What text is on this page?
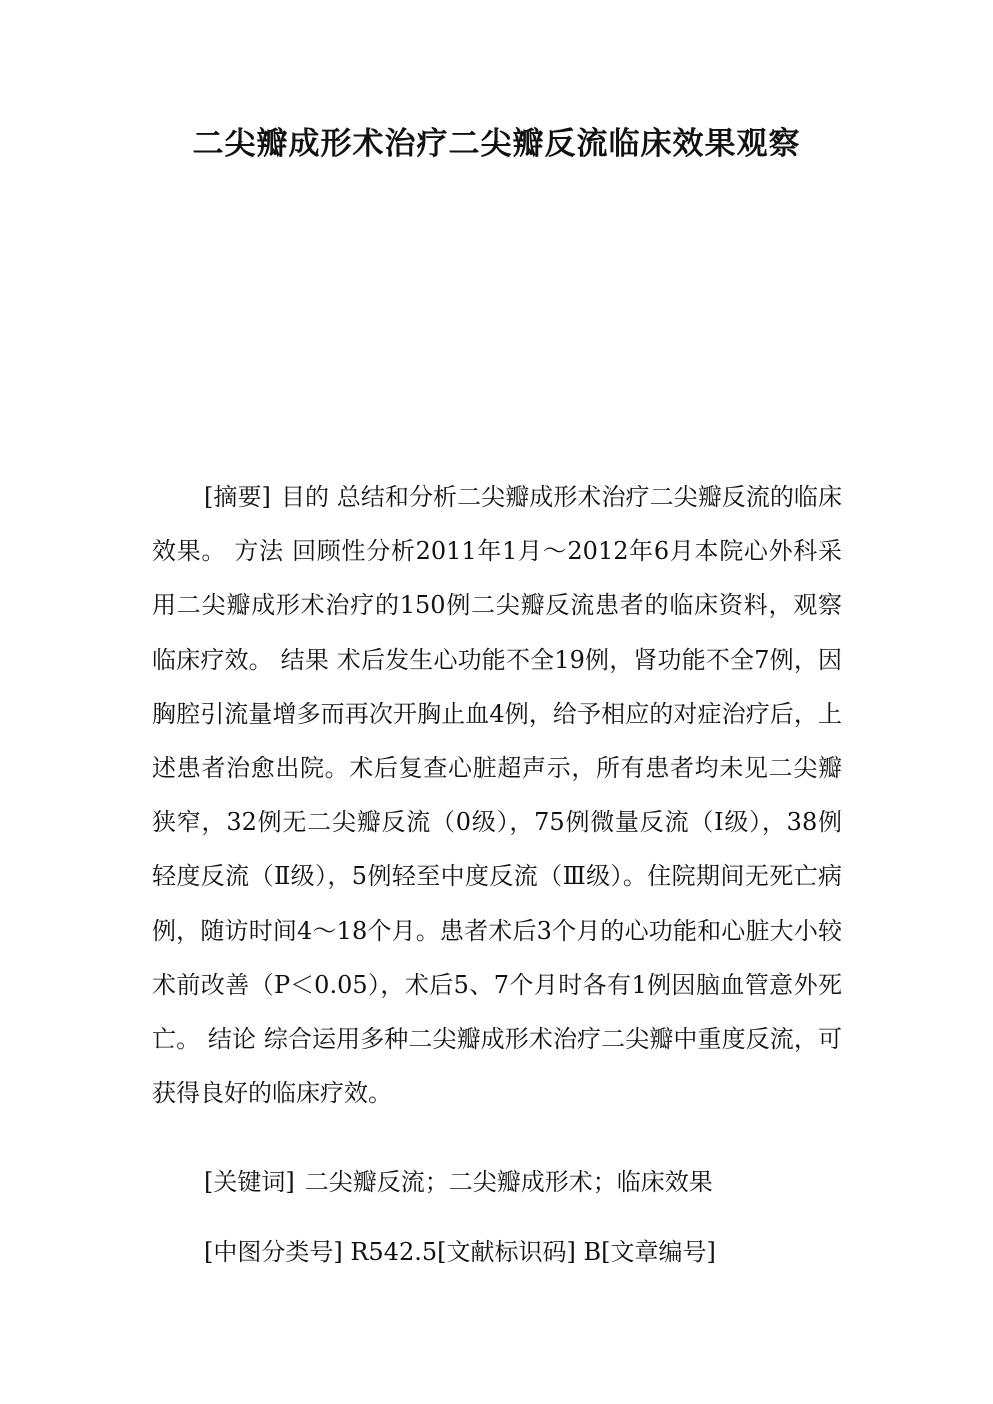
二尖瓣成形术治疗二尖瓣反流临床效果观察

[摘要] 目的 总结和分析二尖瓣成形术治疗二尖瓣反流的临床效果。 方法 回顾性分析2011年1月～2012年6月本院心外科采用二尖瓣成形术治疗的150例二尖瓣反流患者的临床资料，观察临床疗效。 结果 术后发生心功能不全19例，肾功能不全7例，因胸腔引流量增多而再次开胸止血4例，给予相应的对症治疗后，上述患者治愈出院。术后复查心脏超声示，所有患者均未见二尖瓣狭窄，32例无二尖瓣反流（0级），75例微量反流（Ⅰ级），38例轻度反流（Ⅱ级），5例轻至中度反流（Ⅲ级）。住院期间无死亡病例，随访时间4～18个月。患者术后3个月的心功能和心脏大小较术前改善（P＜0.05），术后5、7个月时各有1例因脑血管意外死亡。 结论 综合运用多种二尖瓣成形术治疗二尖瓣中重度反流，可获得良好的临床疗效。

[关键词] 二尖瓣反流；二尖瓣成形术；临床效果

[中图分类号] R542.5[文献标识码] B[文章编号]
